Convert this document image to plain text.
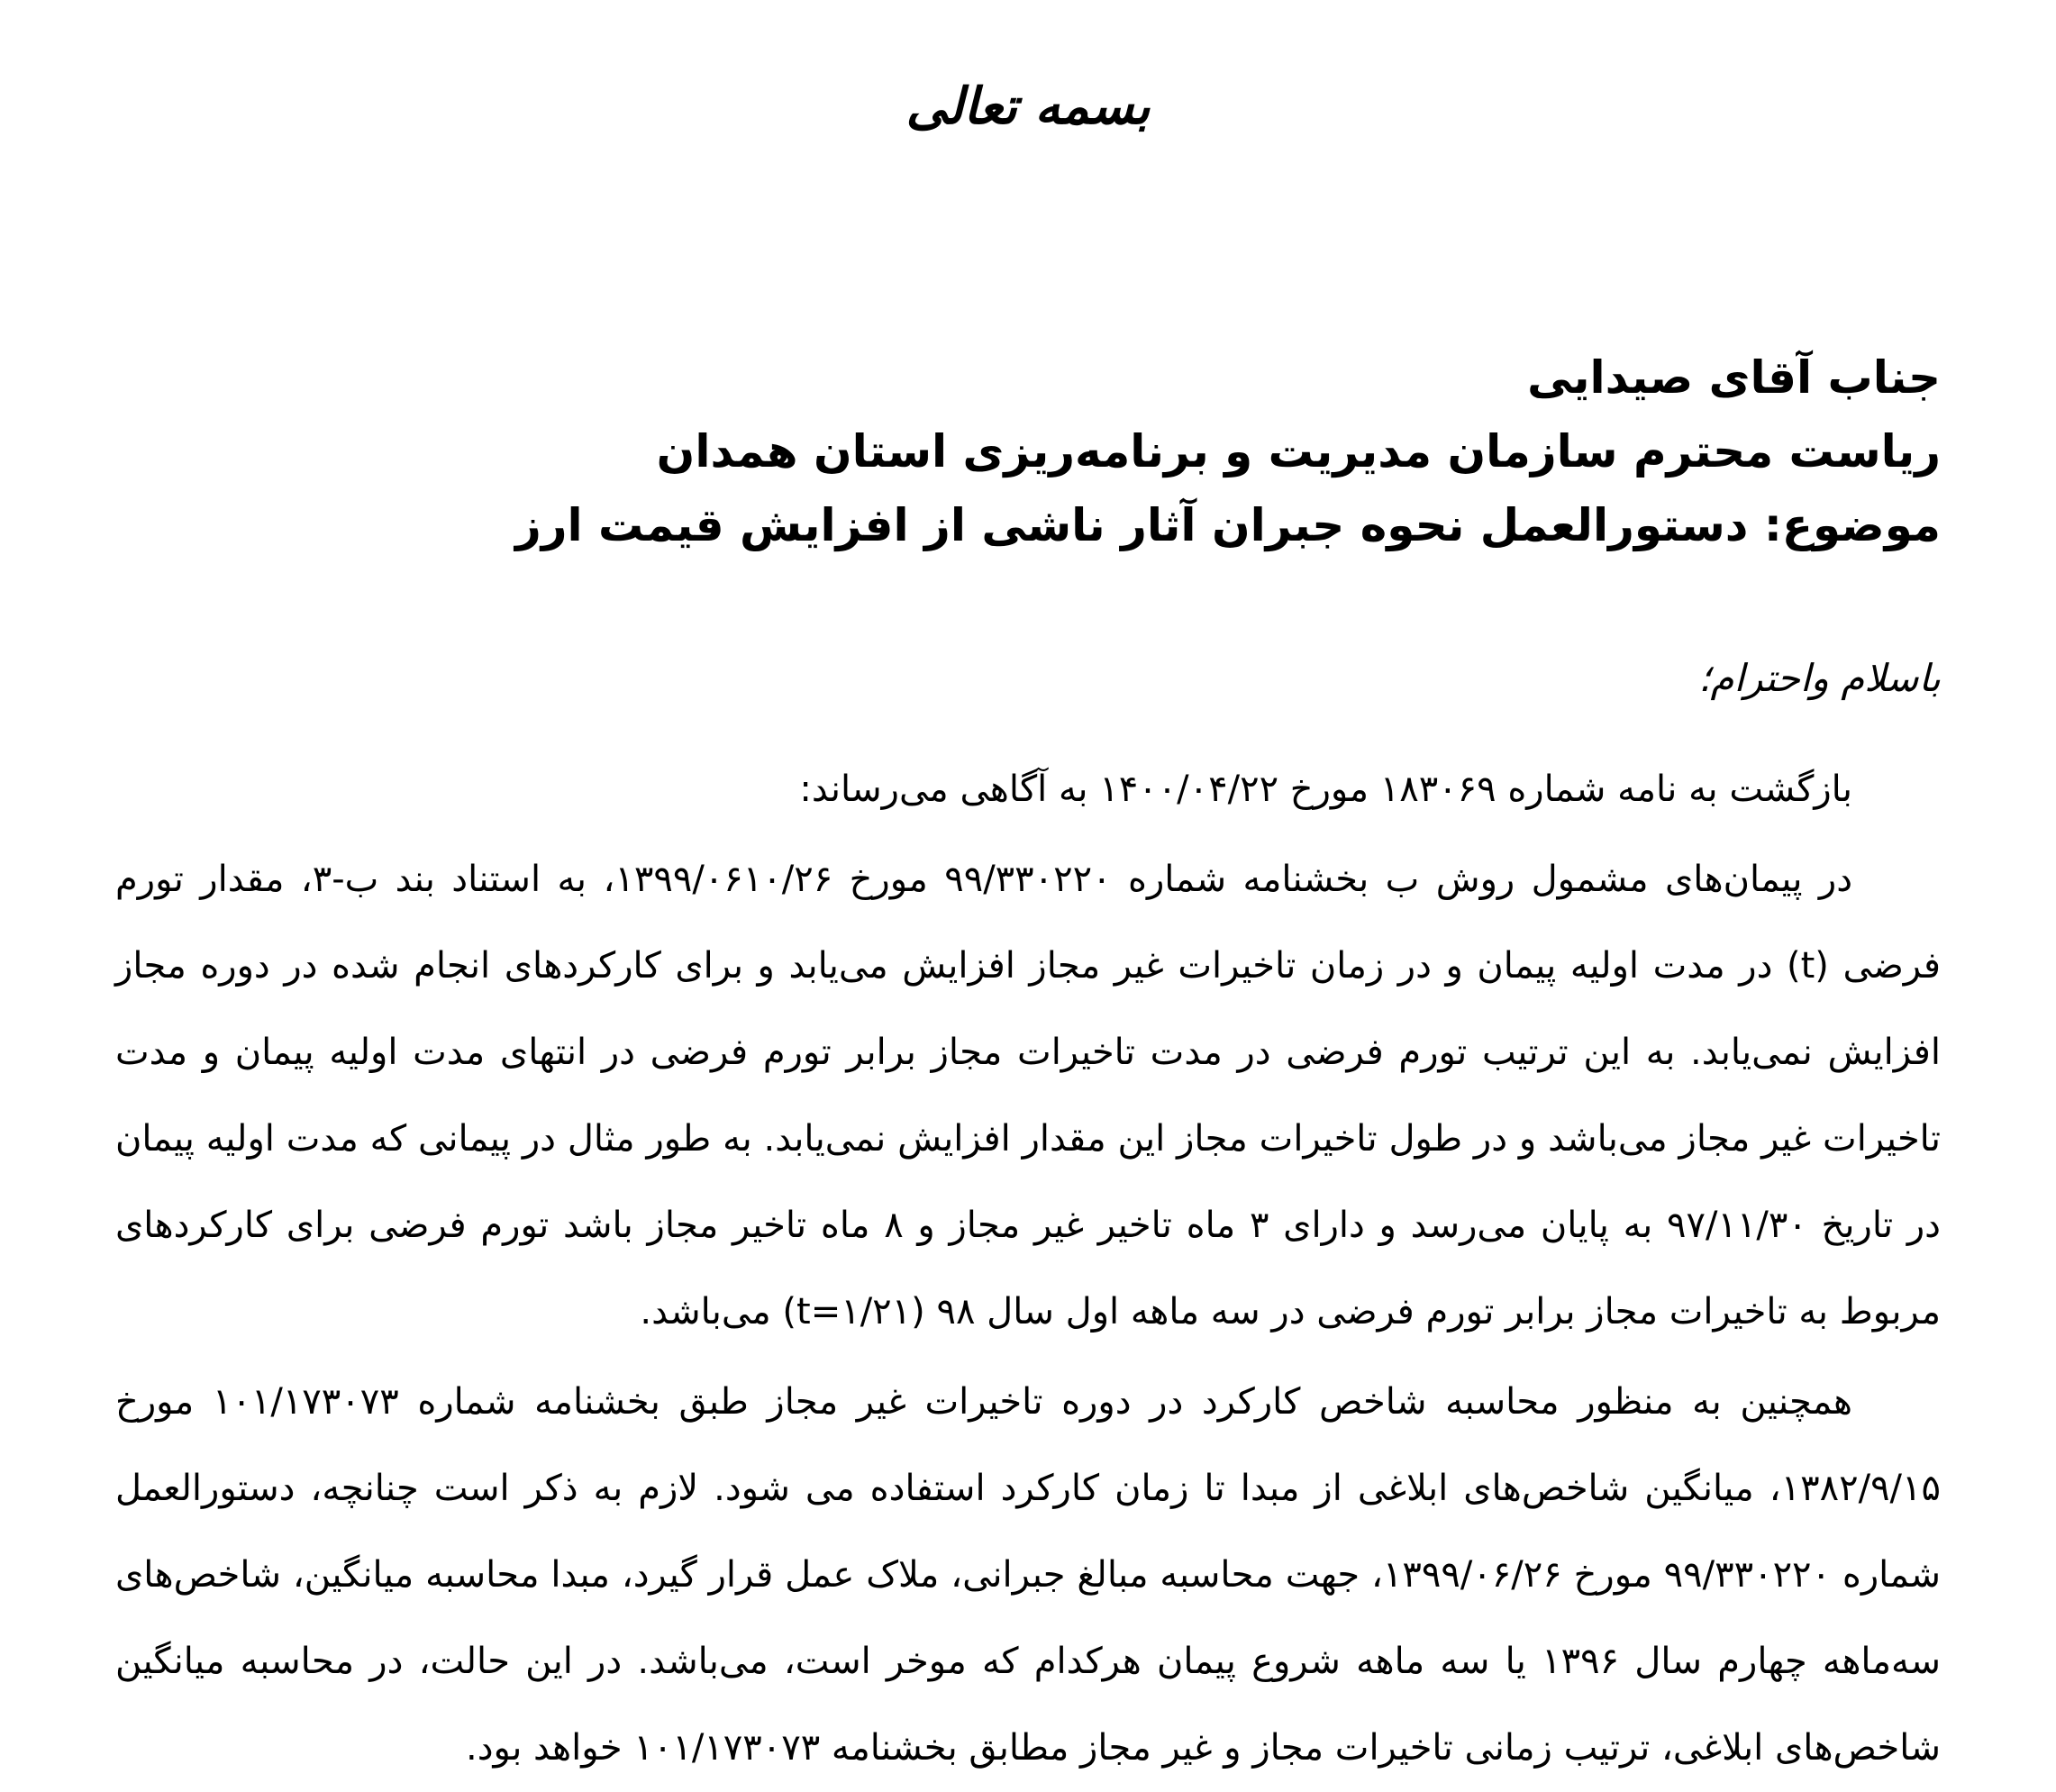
بسمه تعالی
جناب آقای صیدایی
ریاست محترم سازمان مدیریت و برنامه‌ریزی استان همدان
موضوع: دستورالعمل نحوه جبران آثار ناشی از افزایش قیمت ارز
باسلام واحترام؛

بازگشت به نامه شماره ۱۸۳۰۶۹ مورخ ۱۴۰۰/۰۴/۲۲ به آگاهی می‌رساند:

در پیمان‌های مشمول روش ب بخشنامه شماره ۹۹/۳۳۰۲۲۰ مورخ ۱۳۹۹/۰۶۱۰/۲۶، به استناد بند ب-۳، مقدار تورم فرضی (t) در مدت اولیه پیمان و در زمان تاخیرات غیر مجاز افزایش می‌یابد و برای کارکردهای انجام شده در دوره مجاز افزایش نمی‌یابد. به این ترتیب تورم فرضی در مدت تاخیرات مجاز برابر تورم فرضی در انتهای مدت اولیه پیمان و مدت تاخیرات غیر مجاز می‌باشد و در طول تاخیرات مجاز این مقدار افزایش نمی‌یابد. به طور مثال در پیمانی که مدت اولیه پیمان در تاریخ ۹۷/۱۱/۳۰ به پایان می‌رسد و دارای ۳ ماه تاخیر غیر مجاز و ۸ ماه تاخیر مجاز باشد تورم فرضی برای کارکردهای مربوط به تاخیرات مجاز برابر تورم فرضی در سه ماهه اول سال ۹۸ (t=۱/۲۱) می‌باشد.

همچنین به منظور محاسبه شاخص کارکرد در دوره تاخیرات غیر مجاز طبق بخشنامه شماره ۱۰۱/۱۷۳۰۷۳ مورخ ۱۳۸۲/۹/۱۵، میانگین شاخص‌های ابلاغی از مبدا تا زمان کارکرد استفاده می شود. لازم به ذکر است چنانچه، دستورالعمل شماره ۹۹/۳۳۰۲۲۰ مورخ ۱۳۹۹/۰۶/۲۶، جهت محاسبه مبالغ جبرانی، ملاک عمل قرار گیرد، مبدا محاسبه میانگین، شاخص‌های سه‌ماهه چهارم سال ۱۳۹۶ یا سه ماهه شروع پیمان هرکدام که موخر است، می‌باشد. در این حالت، در محاسبه میانگین شاخص‌های ابلاغی، ترتیب زمانی تاخیرات مجاز و غیر مجاز مطابق بخشنامه ۱۰۱/۱۷۳۰۷۳ خواهد بود.
